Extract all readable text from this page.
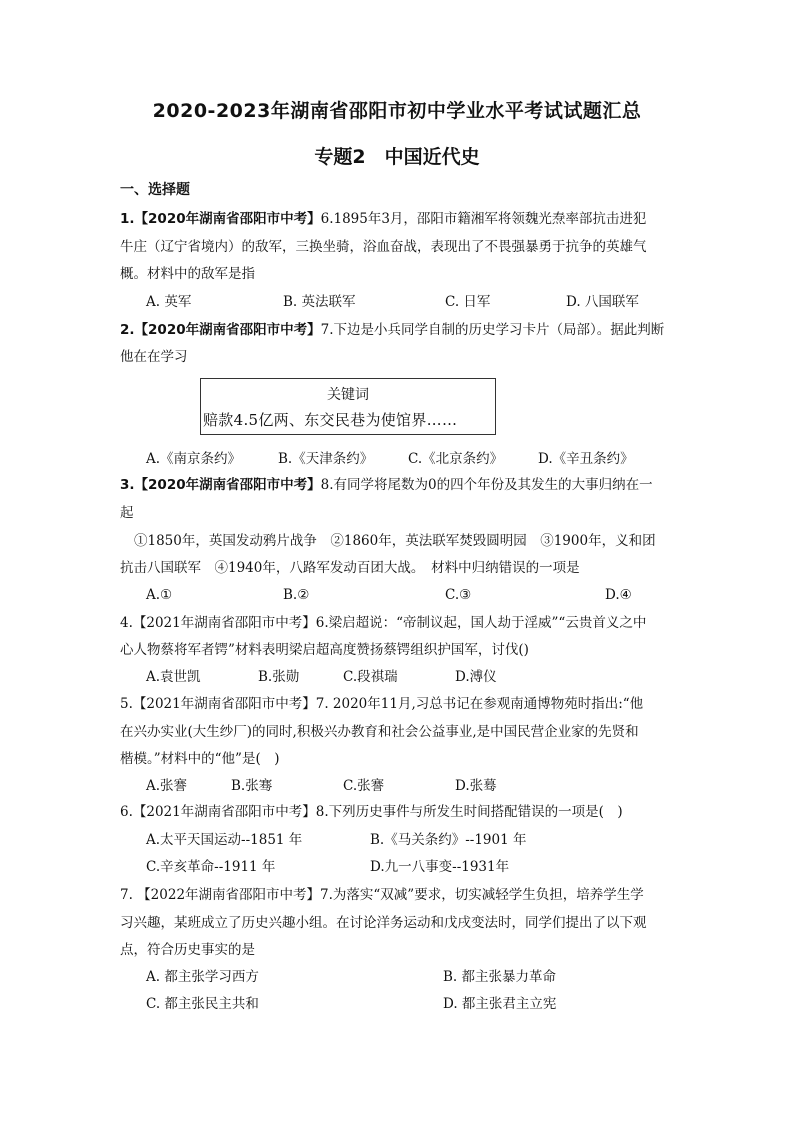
2020-2023年湖南省邵阳市初中学业水平考试试题汇总
专题2　中国近代史
一、选择题
1.【2020年湖南省邵阳市中考】6.1895年3月，邵阳市籍湘军将领魏光焘率部抗击进犯
牛庄（辽宁省境内）的敌军，三换坐骑，浴血奋战，表现出了不畏强暴勇于抗争的英雄气
概。材料中的敌军是指
A. 英军	B. 英法联军	C. 日军	D. 八国联军
2.【2020年湖南省邵阳市中考】7.下边是小兵同学自制的历史学习卡片（局部）。据此判断
他在在学习
关键词
赔款4.5亿两、东交民巷为使馆界……
A.《南京条约》	B.《天津条约》	C.《北京条约》	D.《辛丑条约》
3.【2020年湖南省邵阳市中考】8.有同学将尾数为0的四个年份及其发生的大事归纳在一
起
①1850年，英国发动鸦片战争　②1860年，英法联军焚毁圆明园　③1900年，义和团
抗击八国联军　④1940年，八路军发动百团大战。　材料中归纳错误的一项是
A.①	B.②	C.③	D.④
4.【2021年湖南省邵阳市中考】6.梁启超说：“帝制议起，国人劫于淫威”“云贵首义之中
心人物蔡将军者锷”材料表明梁启超高度赞扬蔡锷组织护国军，讨伐()
A.袁世凯	B.张勋	C.段祺瑞	D.溥仪
5.【2021年湖南省邵阳市中考】7. 2020年11月,习总书记在参观南通博物苑时指出:“他
在兴办实业(大生纱厂)的同时,积极兴办教育和社会公益事业,是中国民营企业家的先贤和
楷模。”材料中的“他”是(　)
A.张謇	B.张骞	C.张謇	D.张蓦
6.【2021年湖南省邵阳市中考】8.下列历史事件与所发生时间搭配错误的一项是(　)
A.太平天国运动--1851 年	B.《马关条约》--1901 年
C.辛亥革命--1911 年	D.九一八事变--1931年
7. 【2022年湖南省邵阳市中考】7.为落实“双减”要求，切实减轻学生负担，培养学生学
习兴趣，某班成立了历史兴趣小组。在讨论洋务运动和戊戌变法时，同学们提出了以下观
点，符合历史事实的是
A. 都主张学习西方	B. 都主张暴力革命
C. 都主张民主共和	D. 都主张君主立宪
